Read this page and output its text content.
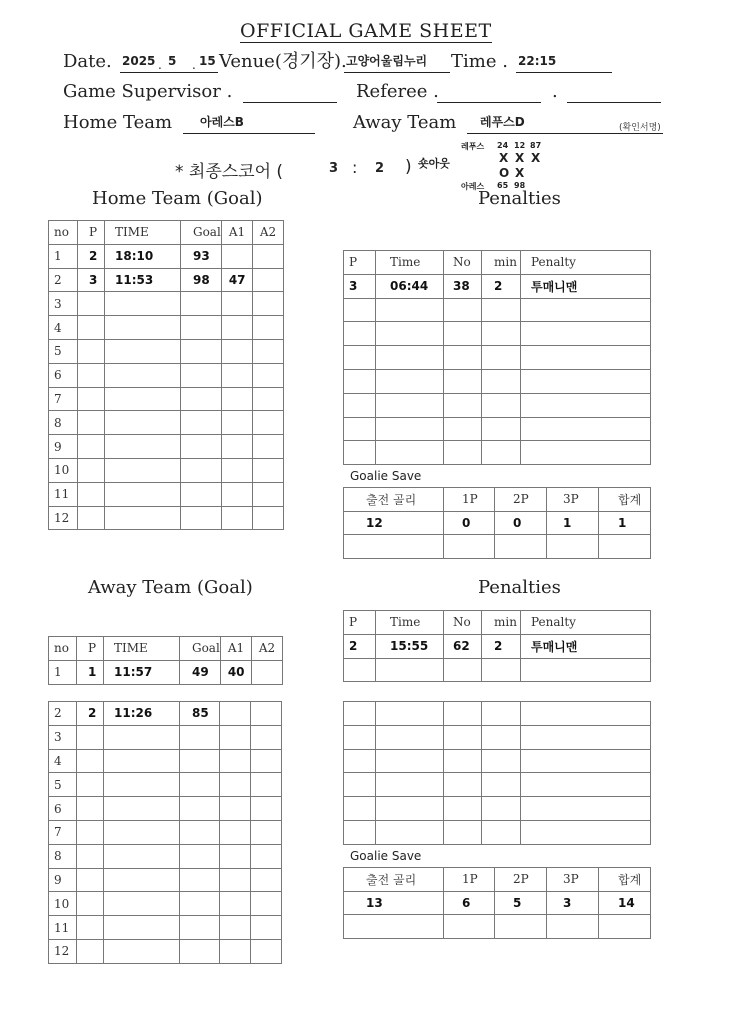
OFFICIAL GAME SHEET
Date. 2025 . 5 . 15 Venue(경기장). 고양어울림누리 Time . 22:15
Game Supervisor .	Referee .	.
Home Team 아레스B	Away Team 레푸스D	(확인서명)
* 최종스코어 (	3 : 2 ) 숏아웃
레푸스 24 12 87
X X X
O X
아레스 65 98
Home Team (Goal)	Penalties
Goalie Save
Away Team (Goal)	Penalties
Goalie Save
no	P	TIME	Goal	A1	A2
1	2	18:10	93		
2	3	11:53	98	47	
3					
4					
5					
6					
7					
8					
9					
10					
11					
12					
P	Time	No	min	Penalty
3	06:44	38	2	투매니맨

출전 골리	1P	2P	3P	합계
12	0	0	1	1

no	P	TIME	Goal	A1	A2
1	1	11:57	49	40	
2	2	11:26	85		
3					
4					
5					
6					
7					
8					
9					
10					
11					
12					
P	Time	No	min	Penalty
2	15:55	62	2	투매니맨

출전 골리	1P	2P	3P	합계
13	6	5	3	14
